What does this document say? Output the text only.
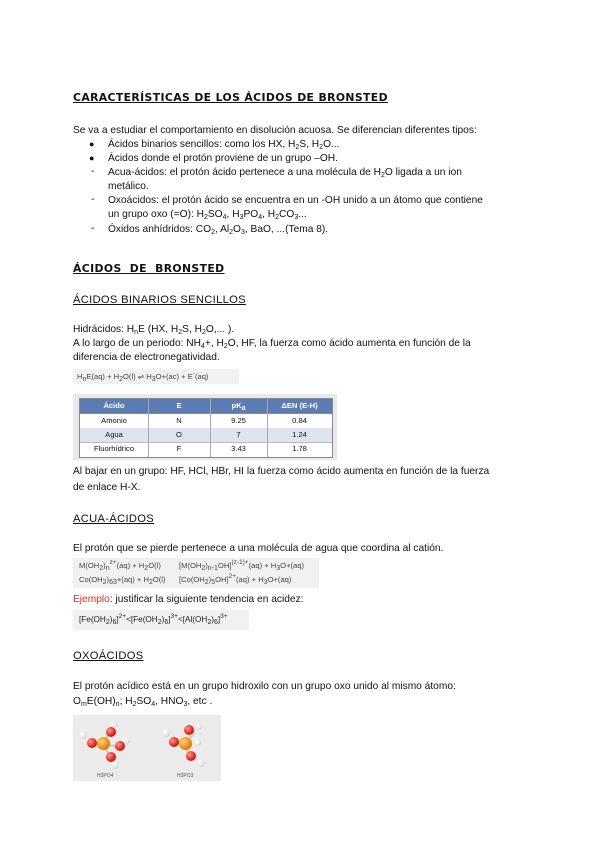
CARACTERÍSTICAS DE LOS ÁCIDOS DE BRONSTED
Se va a estudiar el comportamiento en disolución acuosa. Se diferencian diferentes tipos:
● Ácidos binarios sencillos: como los HX, $H_2S$, $H_2O$...
● Ácidos donde el protón proviene de un grupo –OH.
- Acua-ácidos: el protón ácido pertenece a una molécula de $H_2O$ ligada a un ion
metálico.
- Oxoácidos: el protón ácido se encuentra en un -OH unido a un átomo que contiene
un grupo oxo (=O): $H_2SO_4$, $H_3PO_4$, $H_2CO_3$...
- Óxidos anhídridos: $CO_2$, $Al_2O_3$, BaO, ...(Tema 8).
ÁCIDOS DE BRONSTED
ÁCIDOS BINARIOS SENCILLOS
Hidrácidos: $H_nE$ (HX, $H_2S$, $H_2O$,... ).
A lo largo de un periodo: $NH_4+$, $H_2O$, HF, la fuerza como ácido aumenta en función de la
diferencia de electronegatividad.
$H_nE(aq) + H_2O(l)$ ⇌ $H_3O+(ac) + E^-(aq)$
Ácido	E	$pK_a$	ΔEN (E-H)
Amonio	N	9.25	0.84
Agua	O	7	1.24
Fluorhídrico	F	3.43	1.78
Al bajar en un grupo: HF, HCl, HBr, HI la fuerza como ácido aumenta en función de la fuerza
de enlace H-X.
ACUA-ÁCIDOS
El protón que se pierde pertenece a una molécula de agua que coordina al catión.
$M(OH_2)_n^{z+}(aq) + H_2O(l) [M(OH_2)_{n-1}OH]^{(z-1)+}(aq) + H_3O+(aq)$
$Co(OH_2)_{63}+(aq) + H_2O(l) [Co(OH_2)_5OH]^{2+}(aq) + H_3O+(aq)$
Ejemplo: justificar la siguiente tendencia en acidez:
$[Fe(OH_2)_6]^{2+}<[Fe(OH_2)_6]^{3+}<[Al(OH_2)_6]^{3+}$
OXOÁCIDOS
El protón acídico está en un grupo hidroxilo con un grupo oxo unido al mismo átomo:
$O_mE(OH)_n$; $H_2SO_4$, $HNO_3$, etc .
H3PO4	H3PO3
